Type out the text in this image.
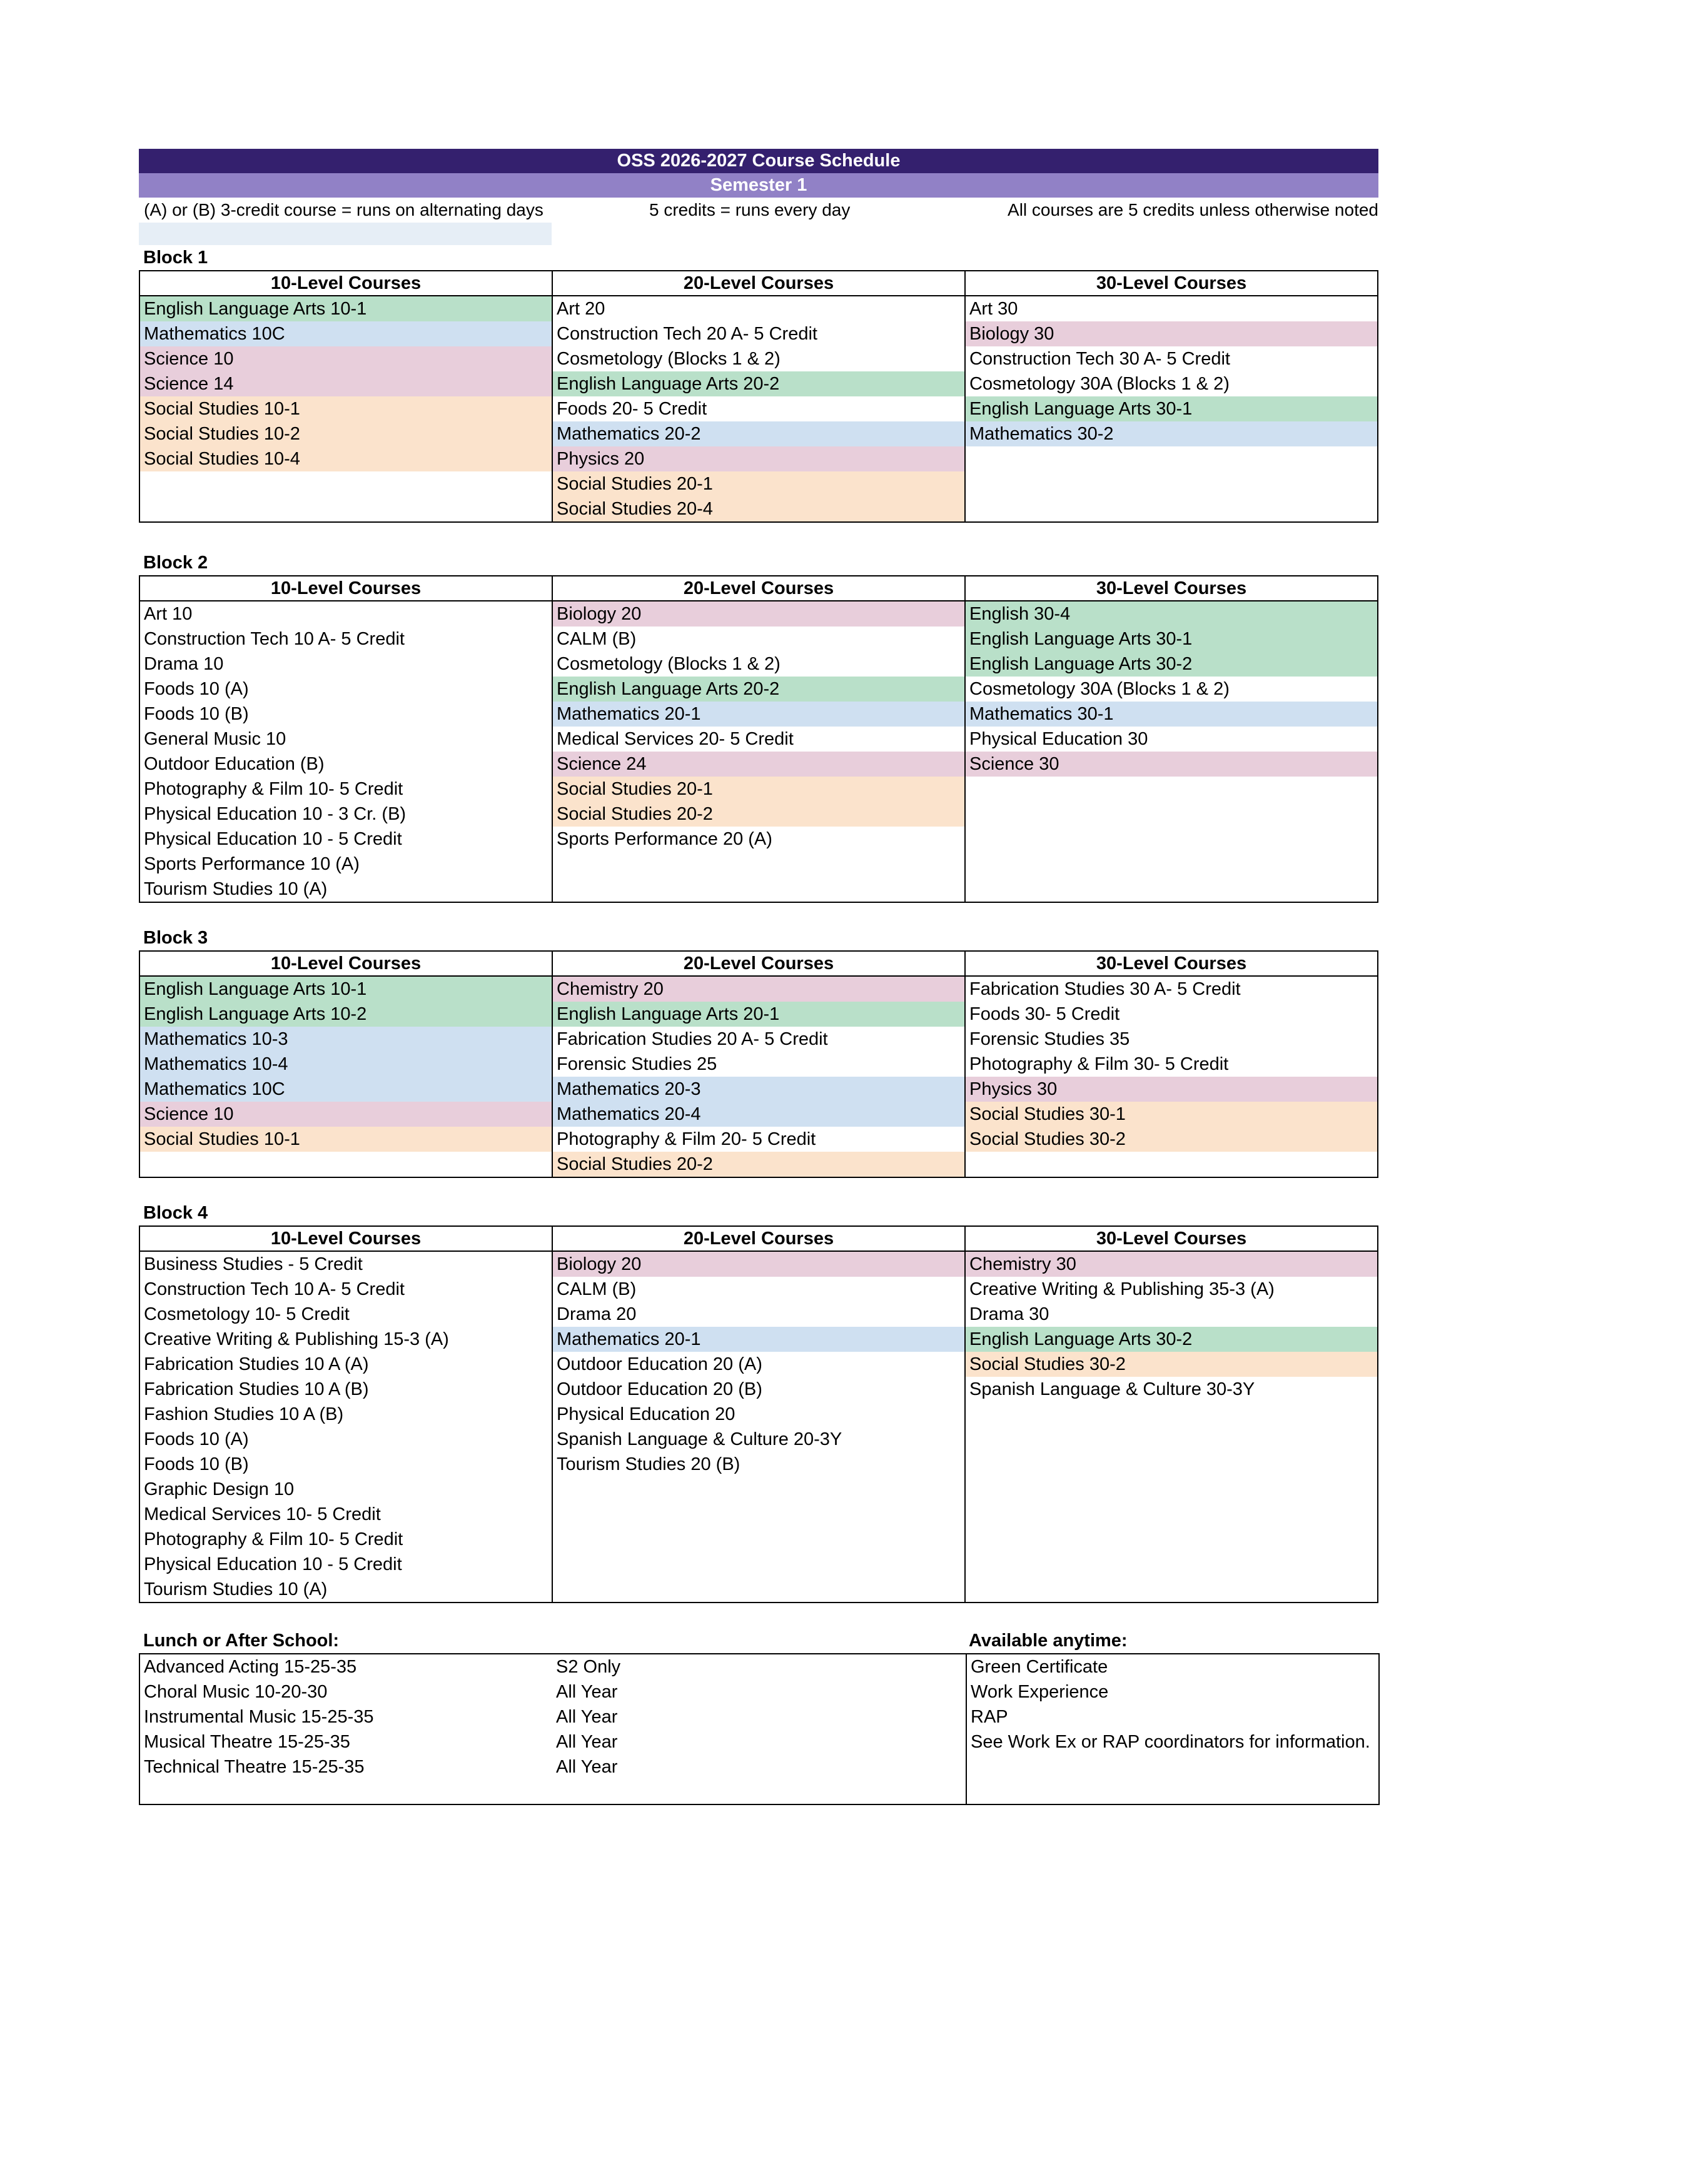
OSS 2026-2027 Course Schedule
Semester 1
(A) or (B) 3-credit course = runs on alternating days	5 credits = runs every day	All courses are 5 credits unless otherwise noted
Block 1
10-Level Courses	20-Level Courses	30-Level Courses
English Language Arts 10-1	Art 20	Art 30
Mathematics 10C	Construction Tech 20 A- 5 Credit	Biology 30
Science 10	Cosmetology (Blocks 1 & 2)	Construction Tech 30 A- 5 Credit
Science 14	English Language Arts 20-2	Cosmetology 30A (Blocks 1 & 2)
Social Studies 10-1	Foods 20- 5 Credit	English Language Arts 30-1
Social Studies 10-2	Mathematics 20-2	Mathematics 30-2
Social Studies 10-4	Physics 20	
	Social Studies 20-1	
	Social Studies 20-4	
Block 2
10-Level Courses	20-Level Courses	30-Level Courses
Art 10	Biology 20	English 30-4
Construction Tech 10 A- 5 Credit	CALM (B)	English Language Arts 30-1
Drama 10	Cosmetology (Blocks 1 & 2)	English Language Arts 30-2
Foods 10 (A)	English Language Arts 20-2	Cosmetology 30A (Blocks 1 & 2)
Foods 10 (B)	Mathematics 20-1	Mathematics 30-1
General Music 10	Medical Services 20- 5 Credit	Physical Education 30
Outdoor Education (B)	Science 24	Science 30
Photography & Film 10- 5 Credit	Social Studies 20-1	
Physical Education 10 - 3 Cr. (B)	Social Studies 20-2	
Physical Education 10 - 5 Credit	Sports Performance 20 (A)	
Sports Performance 10 (A)		
Tourism Studies 10 (A)		
Block 3
10-Level Courses	20-Level Courses	30-Level Courses
English Language Arts 10-1	Chemistry 20	Fabrication Studies 30 A- 5 Credit
English Language Arts 10-2	English Language Arts 20-1	Foods 30- 5 Credit
Mathematics 10-3	Fabrication Studies 20 A- 5 Credit	Forensic Studies 35
Mathematics 10-4	Forensic Studies 25	Photography & Film 30- 5 Credit
Mathematics 10C	Mathematics 20-3	Physics 30
Science 10	Mathematics 20-4	Social Studies 30-1
Social Studies 10-1	Photography & Film 20- 5 Credit	Social Studies 30-2
	Social Studies 20-2	
Block 4
10-Level Courses	20-Level Courses	30-Level Courses
Business Studies - 5 Credit	Biology 20	Chemistry 30
Construction Tech 10 A- 5 Credit	CALM (B)	Creative Writing & Publishing 35-3 (A)
Cosmetology 10- 5 Credit	Drama 20	Drama 30
Creative Writing & Publishing 15-3 (A)	Mathematics 20-1	English Language Arts 30-2
Fabrication Studies 10 A (A)	Outdoor Education 20 (A)	Social Studies 30-2
Fabrication Studies 10 A (B)	Outdoor Education 20 (B)	Spanish Language & Culture 30-3Y
Fashion Studies 10 A (B)	Physical Education 20	
Foods 10 (A)	Spanish Language & Culture 20-3Y	
Foods 10 (B)	Tourism Studies 20 (B)	
Graphic Design 10		
Medical Services 10- 5 Credit		
Photography & Film 10- 5 Credit		
Physical Education 10 - 5 Credit		
Tourism Studies 10 (A)		
Lunch or After School:	Available anytime:
Advanced Acting 15-25-35	S2 Only	Green Certificate
Choral Music 10-20-30	All Year	Work Experience
Instrumental Music 15-25-35	All Year	RAP
Musical Theatre 15-25-35	All Year	See Work Ex or RAP coordinators for information.
Technical Theatre 15-25-35	All Year	
